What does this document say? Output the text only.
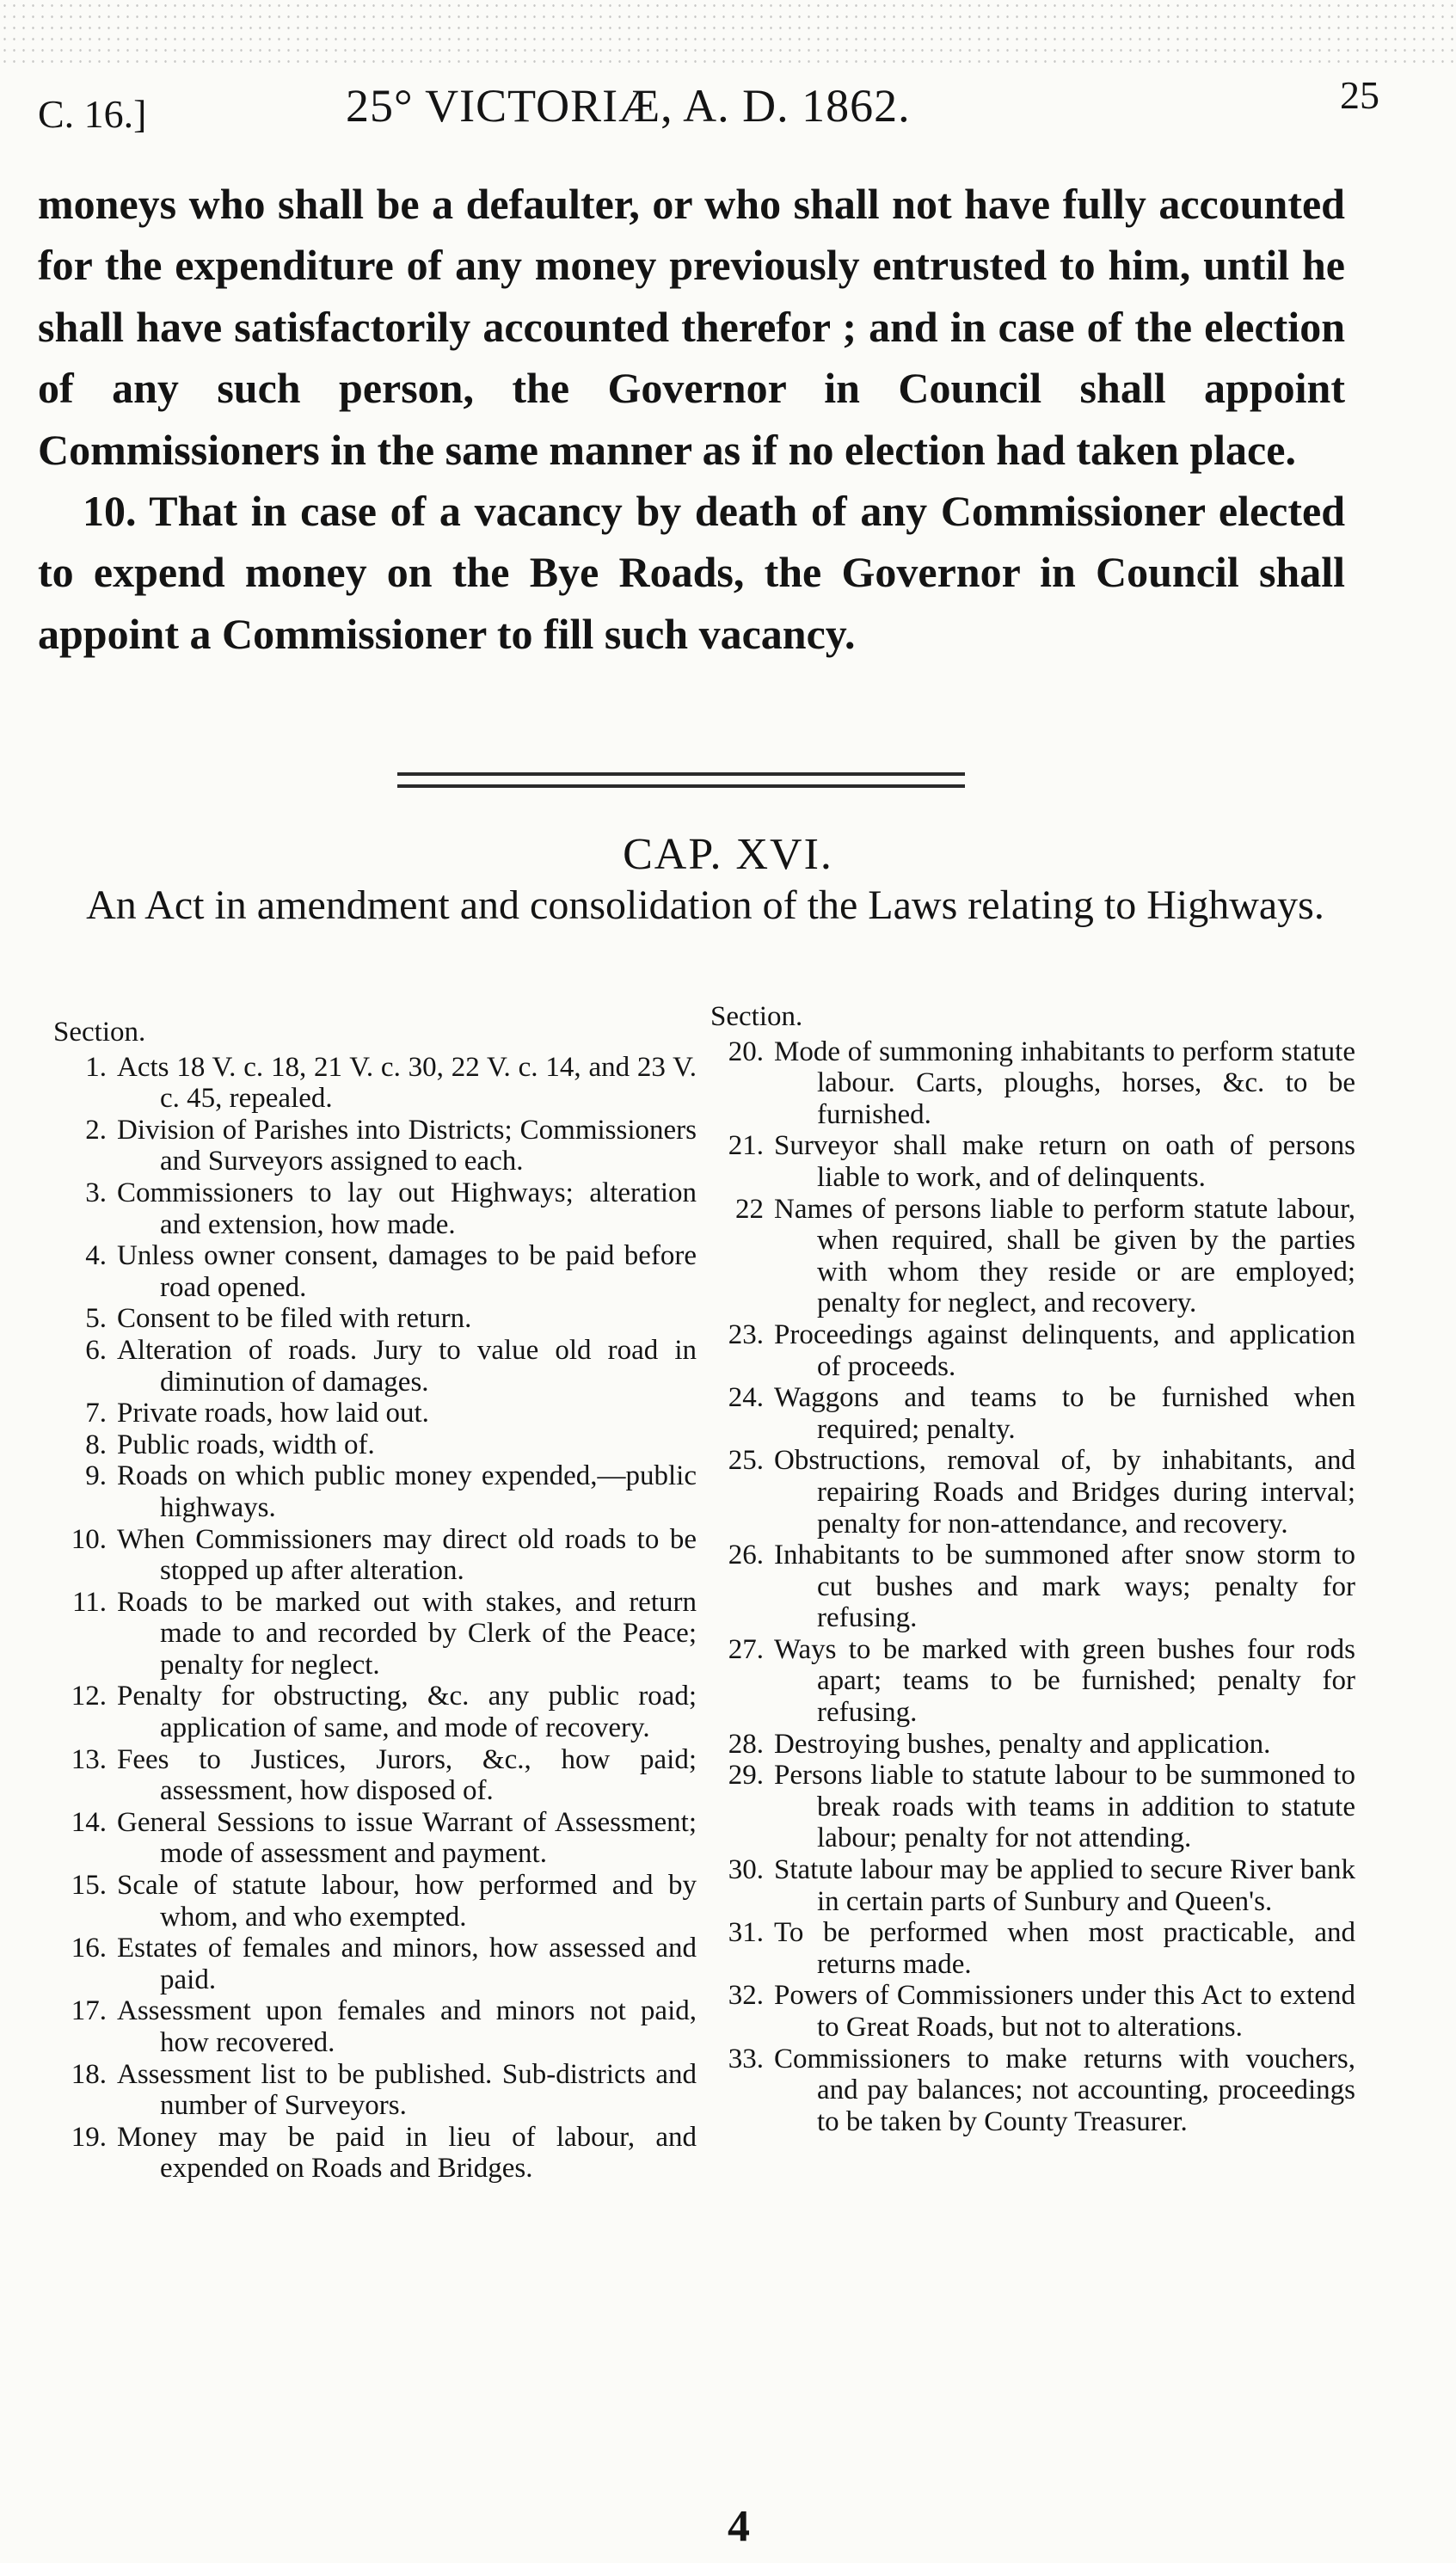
C. 16.]	25° VICTORIÆ, A. D. 1862.	25

moneys who shall be a defaulter, or who shall not have fully accounted for the expenditure of any money previously entrusted to him, until he shall have satisfactorily accounted therefor ; and in case of the election of any such person, the Governor in Council shall appoint Commissioners in the same manner as if no election had taken place.

10. That in case of a vacancy by death of any Commissioner elected to expend money on the Bye Roads, the Governor in Council shall appoint a Commissioner to fill such vacancy.

CAP. XVI.
An Act in amendment and consolidation of the Laws relating to Highways.
Section.
1. Acts 18 V. c. 18, 21 V. c. 30, 22 V. c. 14, and 23 V. c. 45, repealed.
2. Division of Parishes into Districts; Commissioners and Surveyors assigned to each.
3. Commissioners to lay out Highways; alteration and extension, how made.
4. Unless owner consent, damages to be paid before road opened.
5. Consent to be filed with return.
6. Alteration of roads. Jury to value old road in diminution of damages.
7. Private roads, how laid out.
8. Public roads, width of.
9. Roads on which public money expended,—public highways.
10. When Commissioners may direct old roads to be stopped up after alteration.
11. Roads to be marked out with stakes, and return made to and recorded by Clerk of the Peace; penalty for neglect.
12. Penalty for obstructing, &c. any public road; application of same, and mode of recovery.
13. Fees to Justices, Jurors, &c., how paid; assessment, how disposed of.
14. General Sessions to issue Warrant of Assessment; mode of assessment and payment.
15. Scale of statute labour, how performed and by whom, and who exempted.
16. Estates of females and minors, how assessed and paid.
17. Assessment upon females and minors not paid, how recovered.
18. Assessment list to be published. Sub-districts and number of Surveyors.
19. Money may be paid in lieu of labour, and expended on Roads and Bridges.
Section.
20. Mode of summoning inhabitants to perform statute labour. Carts, ploughs, horses, &c. to be furnished.
21. Surveyor shall make return on oath of persons liable to work, and of delinquents.
22 Names of persons liable to perform statute labour, when required, shall be given by the parties with whom they reside or are employed; penalty for neglect, and recovery.
23. Proceedings against delinquents, and application of proceeds.
24. Waggons and teams to be furnished when required; penalty.
25. Obstructions, removal of, by inhabitants, and repairing Roads and Bridges during interval; penalty for non-attendance, and recovery.
26. Inhabitants to be summoned after snow storm to cut bushes and mark ways; penalty for refusing.
27. Ways to be marked with green bushes four rods apart; teams to be furnished; penalty for refusing.
28. Destroying bushes, penalty and application.
29. Persons liable to statute labour to be summoned to break roads with teams in addition to statute labour; penalty for not attending.
30. Statute labour may be applied to secure River bank in certain parts of Sunbury and Queen's.
31. To be performed when most practicable, and returns made.
32. Powers of Commissioners under this Act to extend to Great Roads, but not to alterations.
33. Commissioners to make returns with vouchers, and pay balances; not accounting, proceedings to be taken by County Treasurer.
4
